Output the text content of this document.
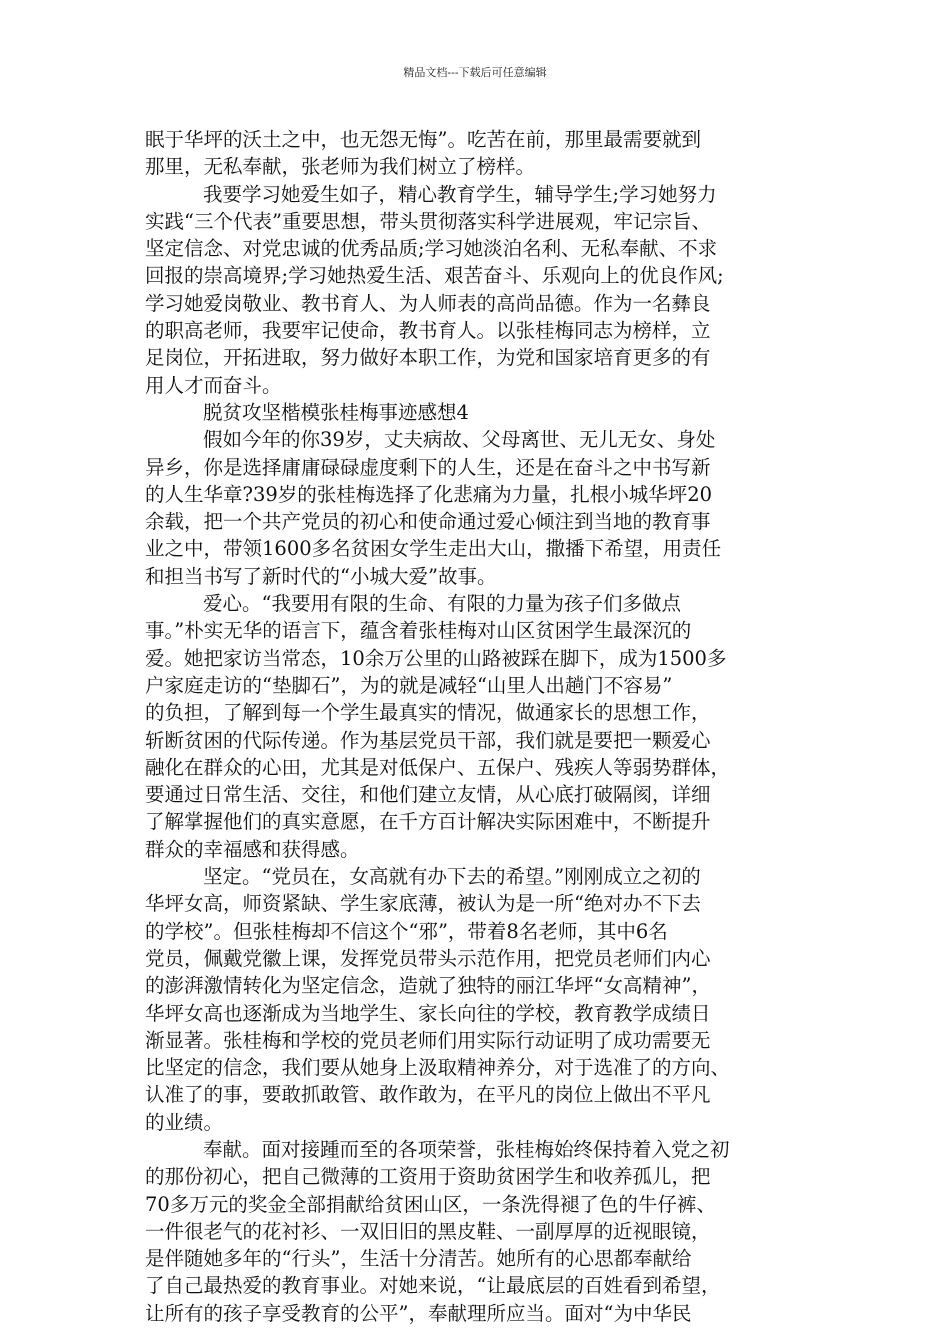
精品文档---下载后可任意编辑
眠于华坪的沃土之中，也无怨无悔”。吃苦在前，那里最需要就到
那里，无私奉献，张老师为我们树立了榜样。
我要学习她爱生如子，精心教育学生，辅导学生;学习她努力
实践“三个代表”重要思想，带头贯彻落实科学进展观，牢记宗旨、
坚定信念、对党忠诚的优秀品质;学习她淡泊名利、无私奉献、不求
回报的崇高境界;学习她热爱生活、艰苦奋斗、乐观向上的优良作风;
学习她爱岗敬业、教书育人、为人师表的高尚品德。作为一名彝良
的职高老师，我要牢记使命，教书育人。以张桂梅同志为榜样，立
足岗位，开拓进取，努力做好本职工作，为党和国家培育更多的有
用人才而奋斗。
脱贫攻坚楷模张桂梅事迹感想4
假如今年的你39岁，丈夫病故、父母离世、无儿无女、身处
异乡，你是选择庸庸碌碌虚度剩下的人生，还是在奋斗之中书写新
的人生华章?39岁的张桂梅选择了化悲痛为力量，扎根小城华坪20
余载，把一个共产党员的初心和使命通过爱心倾注到当地的教育事
业之中，带领1600多名贫困女学生走出大山，撒播下希望，用责任
和担当书写了新时代的“小城大爱”故事。
爱心。“我要用有限的生命、有限的力量为孩子们多做点
事。”朴实无华的语言下，蕴含着张桂梅对山区贫困学生最深沉的
爱。她把家访当常态，10余万公里的山路被踩在脚下，成为1500多
户家庭走访的“垫脚石”，为的就是减轻“山里人出趟门不容易”
的负担，了解到每一个学生最真实的情况，做通家长的思想工作，
斩断贫困的代际传递。作为基层党员干部，我们就是要把一颗爱心
融化在群众的心田，尤其是对低保户、五保户、残疾人等弱势群体，
要通过日常生活、交往，和他们建立友情，从心底打破隔阂，详细
了解掌握他们的真实意愿，在千方百计解决实际困难中，不断提升
群众的幸福感和获得感。
坚定。“党员在，女高就有办下去的希望。”刚刚成立之初的
华坪女高，师资紧缺、学生家底薄，被认为是一所“绝对办不下去
的学校”。但张桂梅却不信这个“邪”，带着8名老师，其中6名
党员，佩戴党徽上课，发挥党员带头示范作用，把党员老师们内心
的澎湃激情转化为坚定信念，造就了独特的丽江华坪“女高精神”，
华坪女高也逐渐成为当地学生、家长向往的学校，教育教学成绩日
渐显著。张桂梅和学校的党员老师们用实际行动证明了成功需要无
比坚定的信念，我们要从她身上汲取精神养分，对于选准了的方向、
认准了的事，要敢抓敢管、敢作敢为，在平凡的岗位上做出不平凡
的业绩。
奉献。面对接踵而至的各项荣誉，张桂梅始终保持着入党之初
的那份初心，把自己微薄的工资用于资助贫困学生和收养孤儿，把
70多万元的奖金全部捐献给贫困山区，一条洗得褪了色的牛仔裤、
一件很老气的花衬衫、一双旧旧的黑皮鞋、一副厚厚的近视眼镜，
是伴随她多年的“行头”，生活十分清苦。她所有的心思都奉献给
了自己最热爱的教育事业。对她来说，“让最底层的百姓看到希望，
让所有的孩子享受教育的公平”，奉献理所应当。面对“为中华民
